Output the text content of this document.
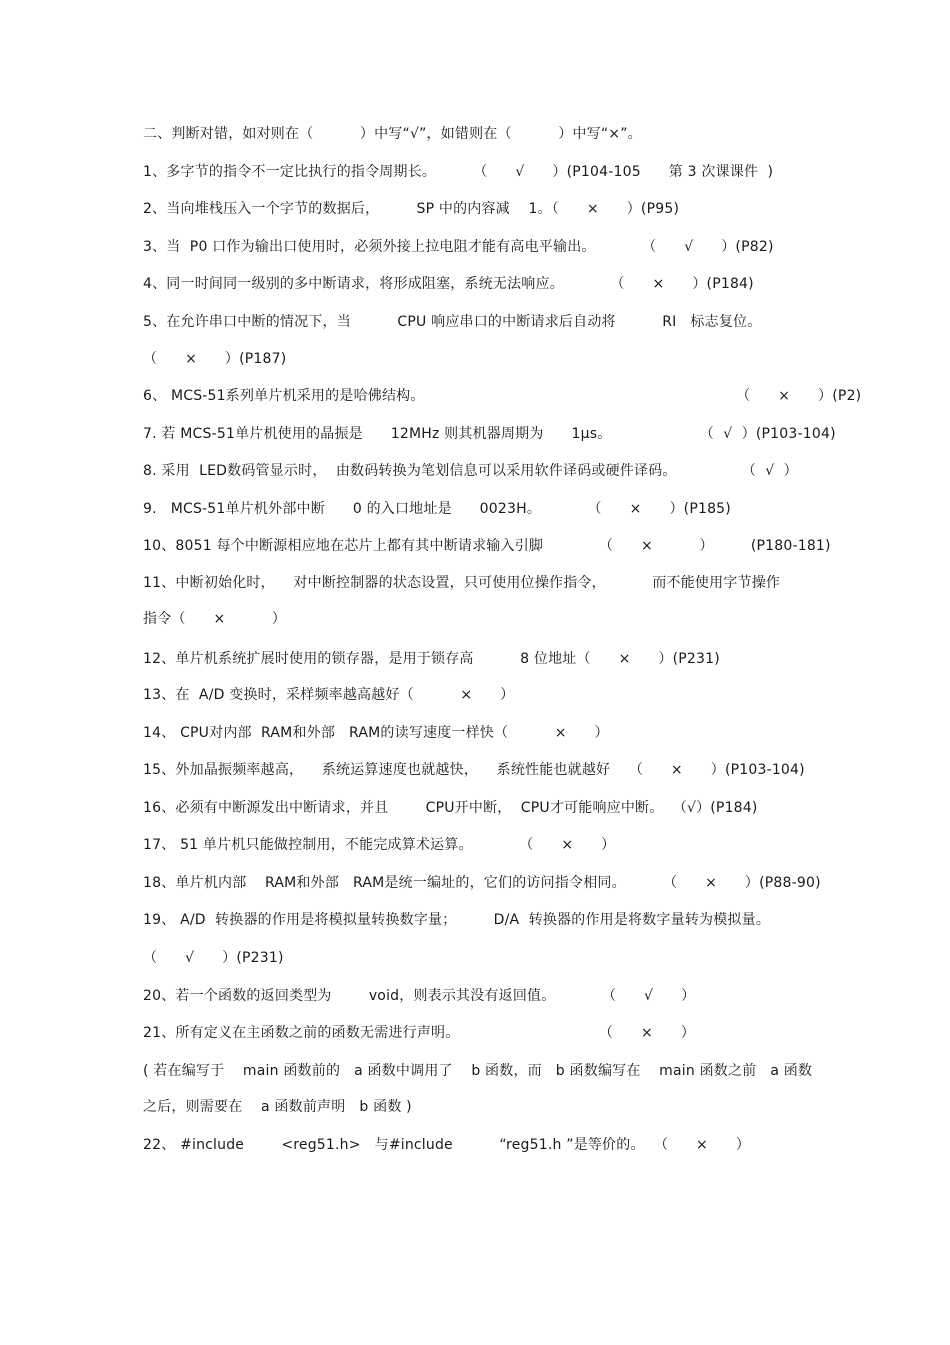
二、判断对错，如对则在（          ）中写“√”，如错则在（          ）中写“×”。
1、多字节的指令不一定比执行的指令周期长。        （      √      ）(P104-105      第 3 次课课件  )
2、当向堆栈压入一个字节的数据后，        SP 中的内容减    1。（      ×      ）(P95)
3、当  P0 口作为输出口使用时，必须外接上拉电阻才能有高电平输出。          （      √      ）(P82)
4、同一时间同一级别的多中断请求，将形成阻塞，系统无法响应。          （      ×      ）(P184)
5、在允许串口中断的情况下，当          CPU 响应串口的中断请求后自动将          RI   标志复位。
（      ×      ）(P187)
6、 MCS-51系列单片机采用的是哈佛结构。                                                                   （      ×      ）(P2)
7. 若 MCS-51单片机使用的晶振是      12MHz 则其机器周期为      1μs。                   （  √  ）(P103-104)
8. 采用  LED数码管显示时，  由数码转换为笔划信息可以采用软件译码或硬件译码。              （  √  ）
9.   MCS-51单片机外部中断      0 的入口地址是      0023H。          （      ×      ）(P185)
10、8051 每个中断源相应地在芯片上都有其中断请求输入引脚            （      ×          ）        (P180-181)
11、中断初始化时，    对中断控制器的状态设置，只可使用位操作指令，          而不能使用字节操作
指令（      ×          ）
12、单片机系统扩展时使用的锁存器，是用于锁存高          8 位地址（      ×      ）(P231)
13、在  A/D 变换时，采样频率越高越好（          ×      ）
14、 CPU对内部  RAM和外部   RAM的读写速度一样快（          ×      ）
15、外加晶振频率越高，    系统运算速度也就越快，    系统性能也就越好    （      ×      ）(P103-104)
16、必须有中断源发出中断请求，并且        CPU开中断，  CPU才可能响应中断。  （√）(P184)
17、 51 单片机只能做控制用，不能完成算术运算。          （      ×      ）
18、单片机内部    RAM和外部   RAM是统一编址的，它们的访问指令相同。        （      ×      ）(P88-90)
19、 A/D  转换器的作用是将模拟量转换数字量；        D/A  转换器的作用是将数字量转为模拟量。
（      √      ）(P231)
20、若一个函数的返回类型为        void，则表示其没有返回值。          （      √      ）
21、所有定义在主函数之前的函数无需进行声明。                              （      ×      ）
( 若在编写于    main 函数前的   a 函数中调用了    b 函数，而   b 函数编写在    main 函数之前   a 函数
之后，则需要在    a 函数前声明   b 函数 )
22、 #include        <reg51.h>   与#include          “reg51.h ”是等价的。  （      ×      ）
